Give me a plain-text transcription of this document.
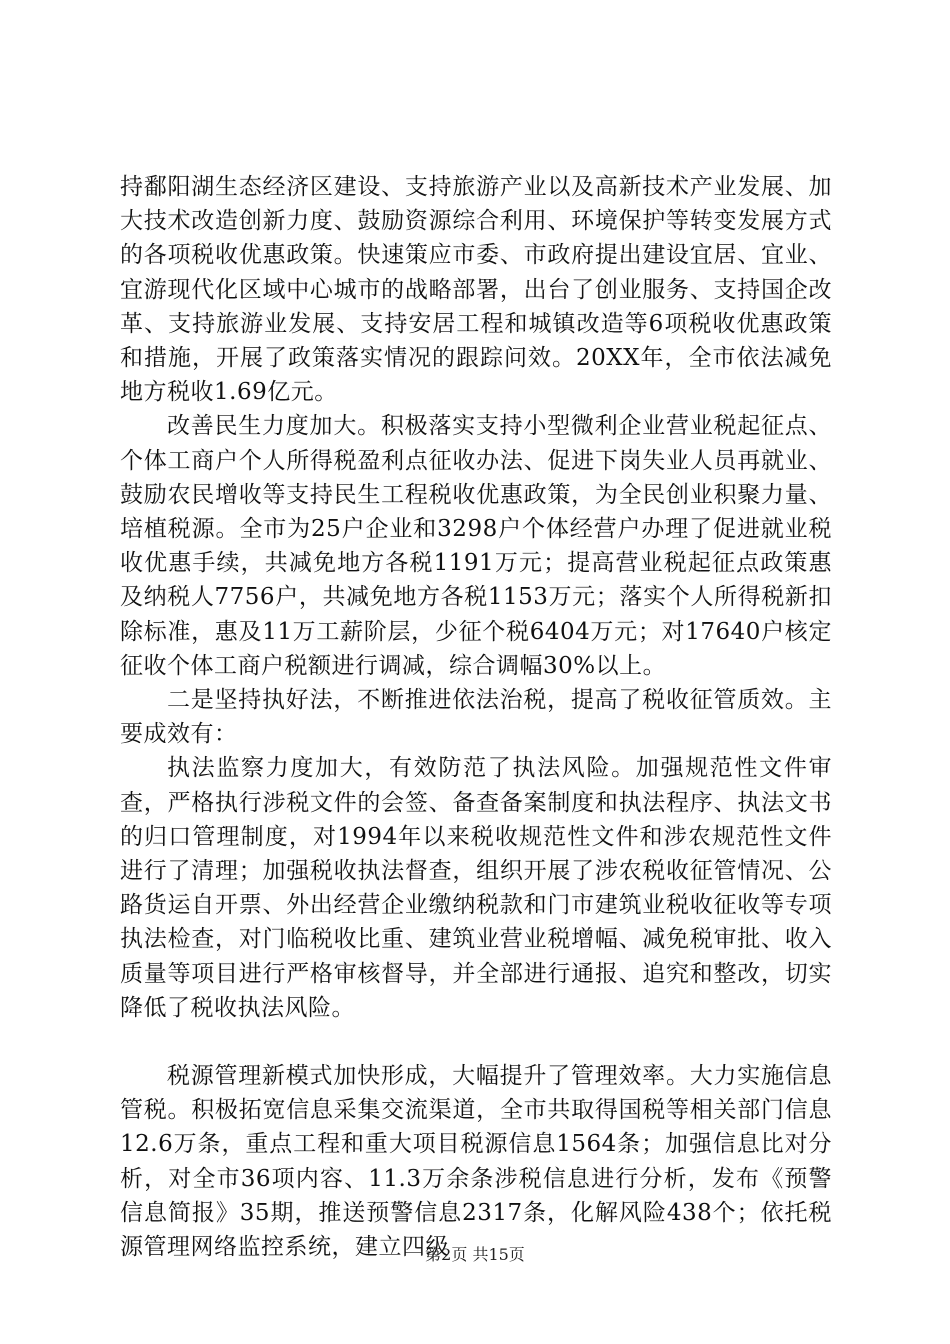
持鄱阳湖生态经济区建设、支持旅游产业以及高新技术产业发展、加大技术改造创新力度、鼓励资源综合利用、环境保护等转变发展方式的各项税收优惠政策。快速策应市委、市政府提出建设宜居、宜业、宜游现代化区域中心城市的战略部署，出台了创业服务、支持国企改革、支持旅游业发展、支持安居工程和城镇改造等6项税收优惠政策和措施，开展了政策落实情况的跟踪问效。20XX年，全市依法减免地方税收1.69亿元。

改善民生力度加大。积极落实支持小型微利企业营业税起征点、个体工商户个人所得税盈利点征收办法、促进下岗失业人员再就业、鼓励农民增收等支持民生工程税收优惠政策，为全民创业积聚力量、培植税源。全市为25户企业和3298户个体经营户办理了促进就业税收优惠手续，共减免地方各税1191万元；提高营业税起征点政策惠及纳税人7756户，共减免地方各税1153万元；落实个人所得税新扣除标准，惠及11万工薪阶层，少征个税6404万元；对17640户核定征收个体工商户税额进行调减，综合调幅30%以上。

二是坚持执好法，不断推进依法治税，提高了税收征管质效。主要成效有：

执法监察力度加大，有效防范了执法风险。加强规范性文件审查，严格执行涉税文件的会签、备查备案制度和执法程序、执法文书的归口管理制度，对1994年以来税收规范性文件和涉农规范性文件进行了清理；加强税收执法督查，组织开展了涉农税收征管情况、公路货运自开票、外出经营企业缴纳税款和门市建筑业税收征收等专项执法检查，对门临税收比重、建筑业营业税增幅、减免税审批、收入质量等项目进行严格审核督导，并全部进行通报、追究和整改，切实降低了税收执法风险。

税源管理新模式加快形成，大幅提升了管理效率。大力实施信息管税。积极拓宽信息采集交流渠道，全市共取得国税等相关部门信息12.6万条，重点工程和重大项目税源信息1564条；加强信息比对分析，对全市36项内容、11.3万余条涉税信息进行分析，发布《预警信息简报》35期，推送预警信息2317条，化解风险438个；依托税源管理网络监控系统，建立四级

第2页 共15页
